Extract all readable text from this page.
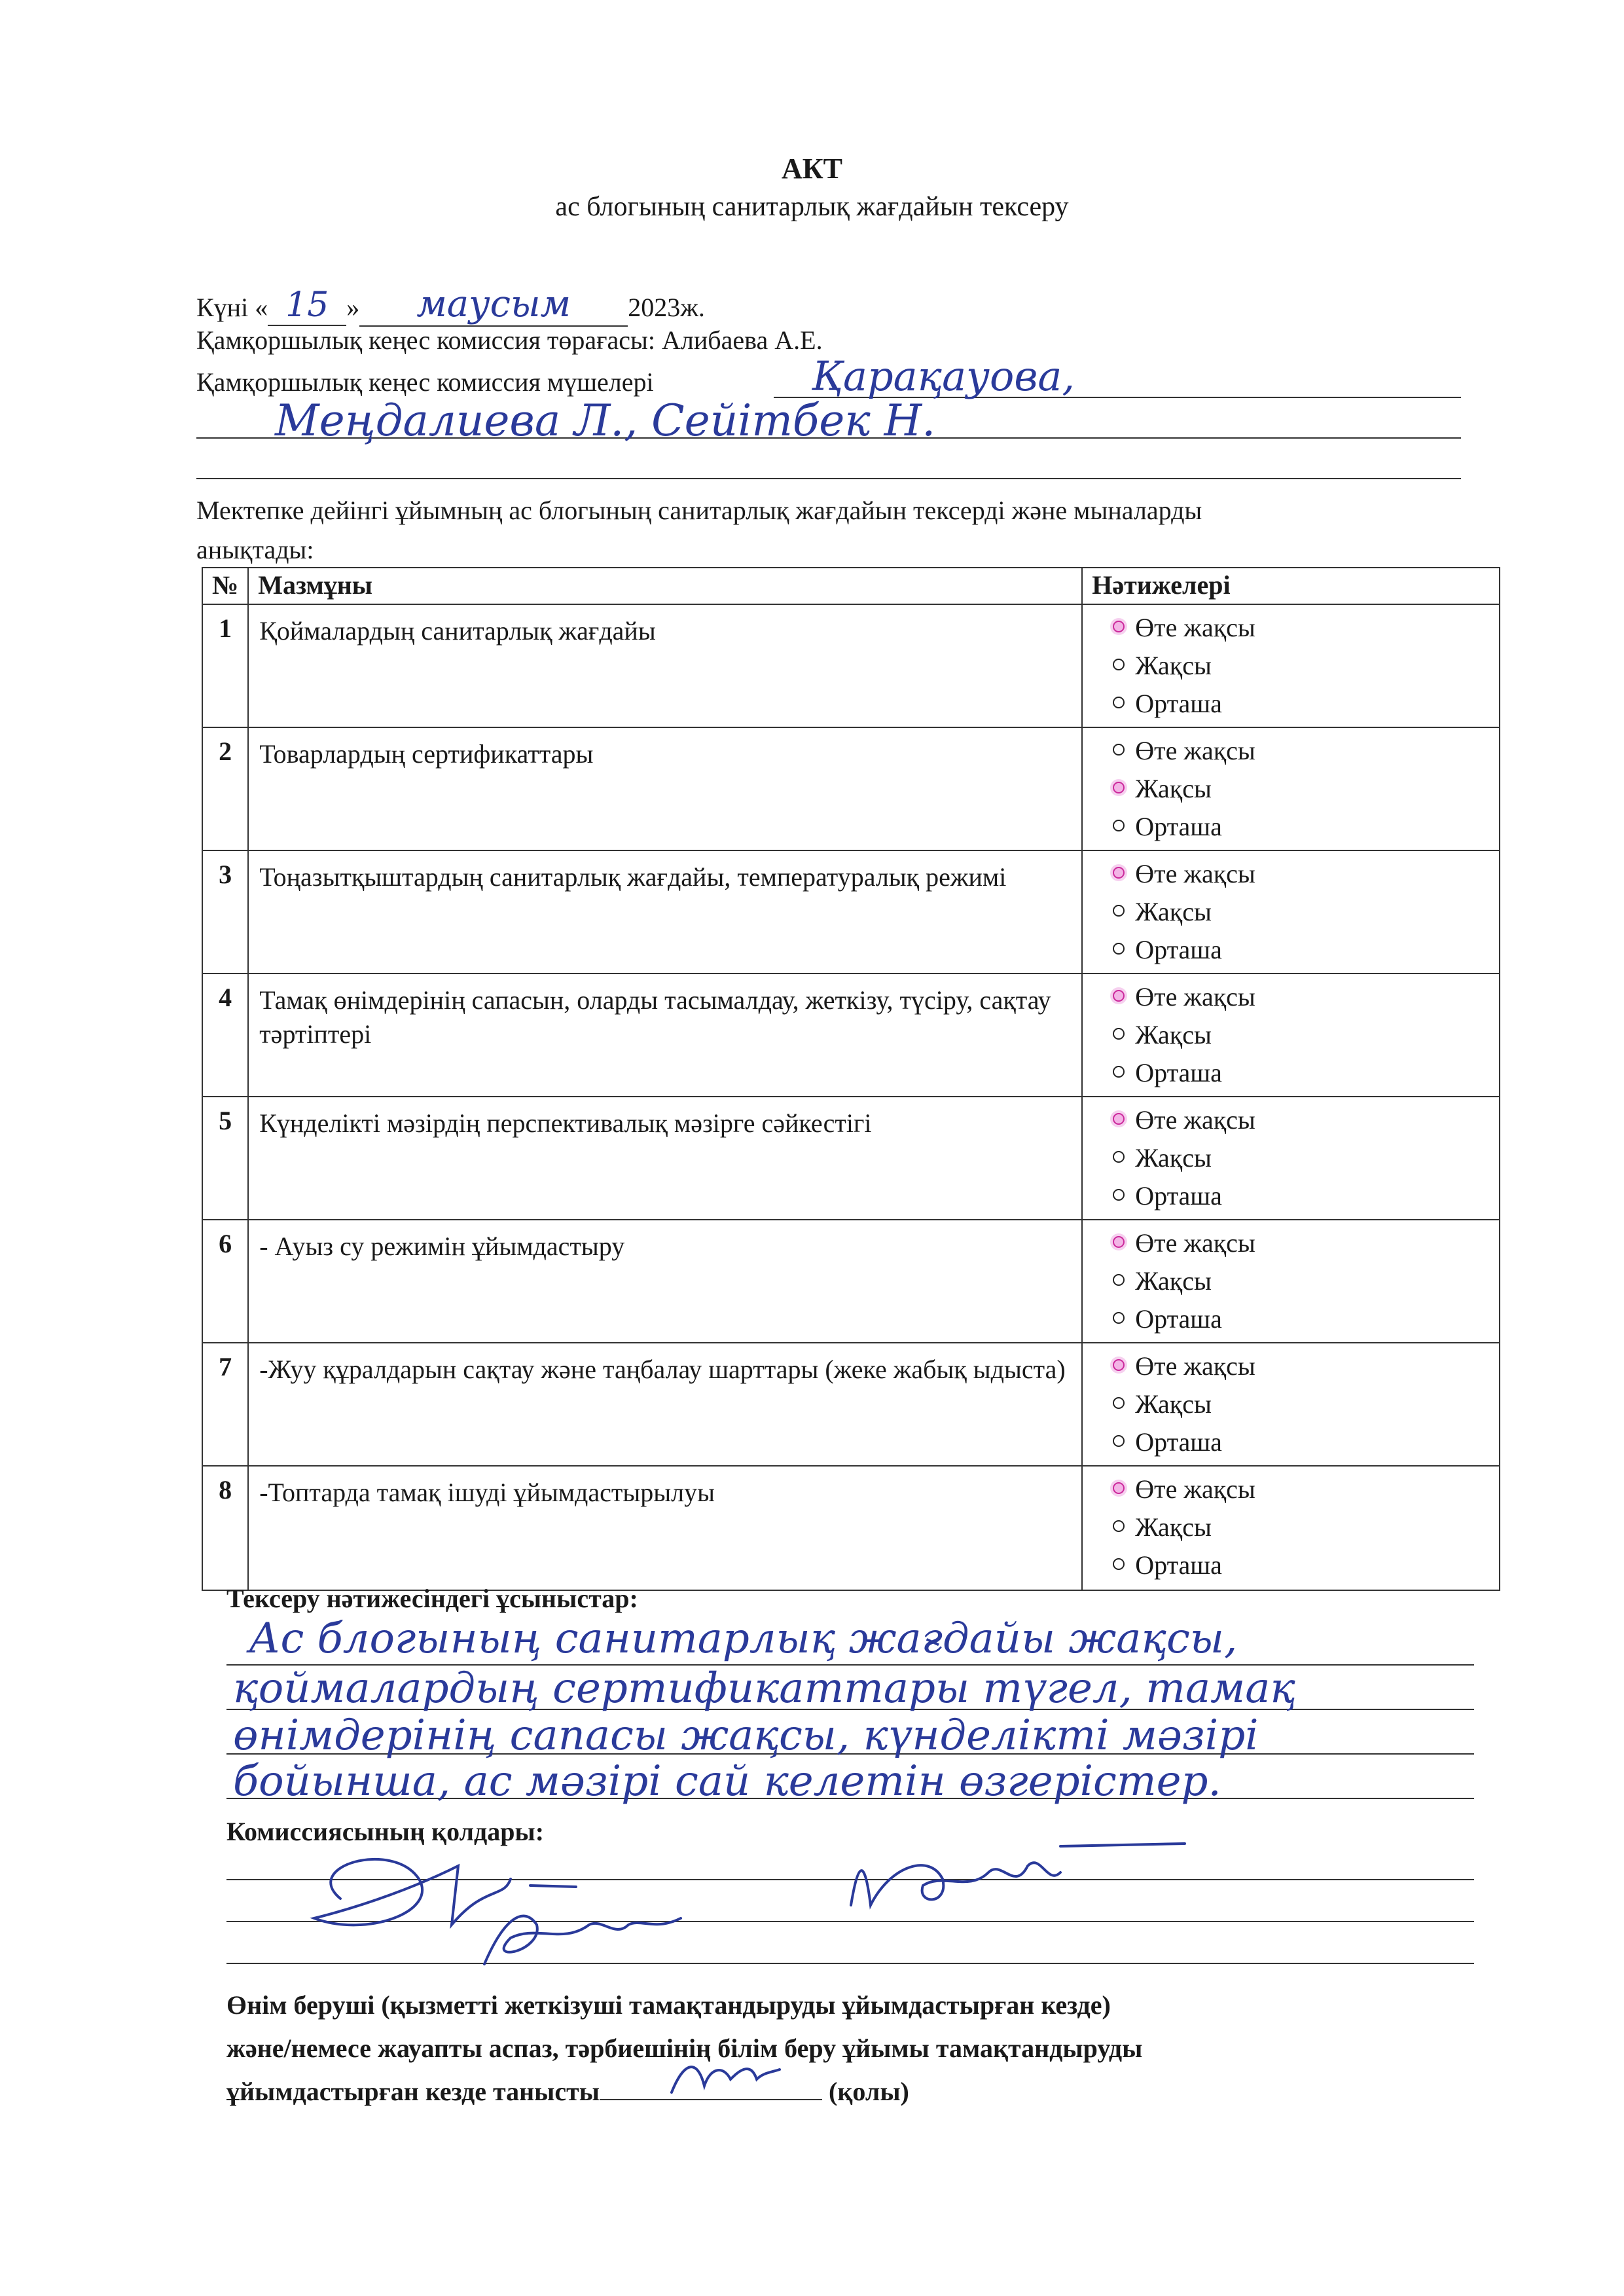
АКТ
ас блогының санитарлық жағдайын тексеру
Күні « 15 » маусым 2023ж.
Қамқоршылық кеңес комиссия төрағасы: Алибаева А.Е.
Қамқоршылық кеңес комиссия мүшелері	Қарақауова,
Меңдалиева Л., Сейітбек Н.
Мектепке дейінгі ұйымның ас блогының санитарлық жағдайын тексерді және мыналарды
анықтады:
№	Мазмұны	Нәтижелері
1	Қоймалардың санитарлық жағдайы	Өте жақсы
Жақсы
Орташа

2	Товарлардың сертификаттары	Өте жақсы
Жақсы
Орташа

3	Тоңазытқыштардың санитарлық жағдайы, температуралық режимі	Өте жақсы
Жақсы
Орташа

4	Тамақ өнімдерінің сапасын, оларды тасымалдау, жеткізу, түсіру, сақтау тәртіптері	Өте жақсы
Жақсы
Орташа

5	Күнделікті мәзірдің перспективалық мәзірге сәйкестігі	Өте жақсы
Жақсы
Орташа

6	- Ауыз су режимін ұйымдастыру	Өте жақсы
Жақсы
Орташа

7	-Жуу құралдарын сақтау және таңбалау шарттары (жеке жабық ыдыста)	Өте жақсы
Жақсы
Орташа

8	-Топтарда тамақ ішуді ұйымдастырылуы	Өте жақсы
Жақсы
Орташа
Тексеру нәтижесіндегі ұсыныстар:
Ас блогының санитарлық жағдайы жақсы,
қоймалардың сертификаттары түгел, тамақ
өнімдерінің сапасы жақсы, күнделікті мәзірі
бойынша, ас мәзірі сай келетін өзгерістер.
Комиссиясының қолдары:
Өнім беруші (қызметті жеткізуші тамақтандыруды ұйымдастырған кезде)
және/немесе жауапты аспаз, тәрбиешінің білім беру ұйымы тамақтандыруды
ұйымдастырған кезде танысты	(қолы)
